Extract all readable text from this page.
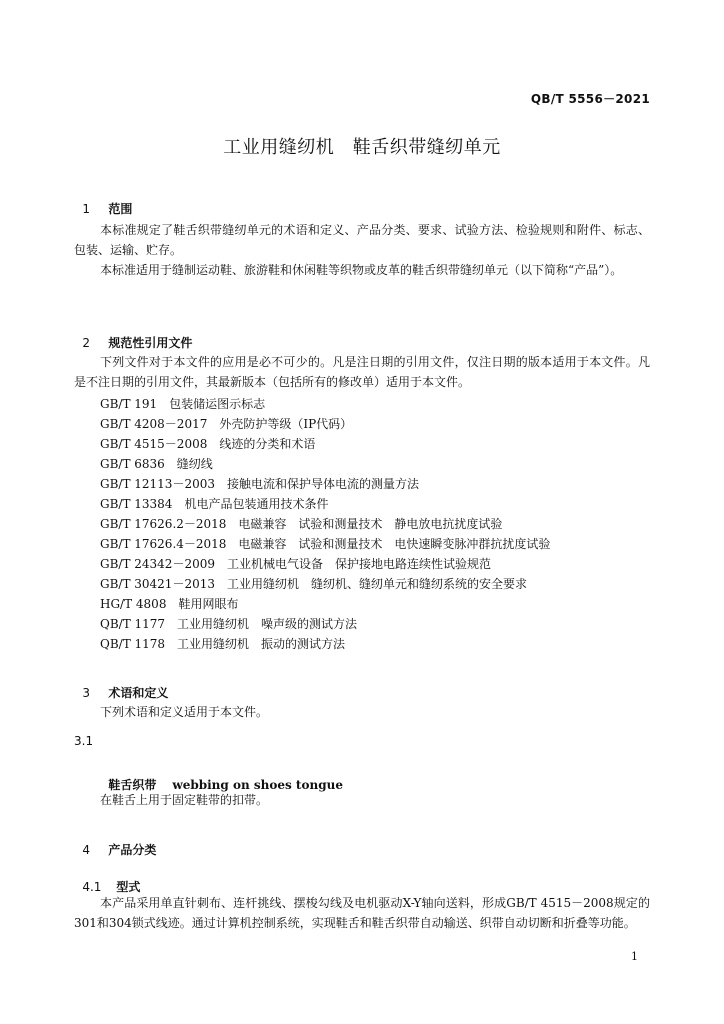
QB/T 5556－2021
工业用缝纫机　鞋舌织带缝纫单元

1 范围

本标准规定了鞋舌织带缝纫单元的术语和定义、产品分类、要求、试验方法、检验规则和附件、标志、包装、运输、贮存。
本标准适用于缝制运动鞋、旅游鞋和休闲鞋等织物或皮革的鞋舌织带缝纫单元（以下简称“产品”）。

2 规范性引用文件

下列文件对于本文件的应用是必不可少的。凡是注日期的引用文件，仅注日期的版本适用于本文件。凡是不注日期的引用文件，其最新版本（包括所有的修改单）适用于本文件。
GB/T 191　包装储运图示标志
GB/T 4208－2017　外壳防护等级（IP代码）
GB/T 4515－2008　线迹的分类和术语
GB/T 6836　缝纫线
GB/T 12113－2003　接触电流和保护导体电流的测量方法
GB/T 13384　机电产品包装通用技术条件
GB/T 17626.2－2018　电磁兼容　试验和测量技术　静电放电抗扰度试验
GB/T 17626.4－2018　电磁兼容　试验和测量技术　电快速瞬变脉冲群抗扰度试验
GB/T 24342－2009　工业机械电气设备　保护接地电路连续性试验规范
GB/T 30421－2013　工业用缝纫机　缝纫机、缝纫单元和缝纫系统的安全要求
HG/T 4808　鞋用网眼布
QB/T 1177　工业用缝纫机　噪声级的测试方法
QB/T 1178　工业用缝纫机　振动的测试方法

3 术语和定义

下列术语和定义适用于本文件。
3.1

鞋舌织带 webbing on shoes tongue

在鞋舌上用于固定鞋带的扣带。

4 产品分类

4.1 型式

本产品采用单直针刺布、连杆挑线、摆梭勾线及电机驱动X-Y轴向送料，形成GB/T 4515－2008规定的301和304锁式线迹。通过计算机控制系统，实现鞋舌和鞋舌织带自动输送、织带自动切断和折叠等功能。
1
